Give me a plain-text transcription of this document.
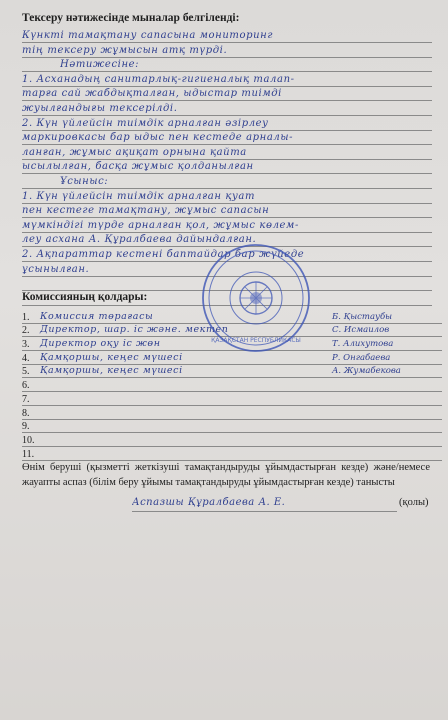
Тексеру нәтижесінде мыналар белгіленді:
Күнкті тамақтану сапасына мониторинг
тің тексеру жұмысын атқ түрді.
Нәтижесіне:
1. Асханадың санитарлық-гигиеналық талап-
тарға сай жабдықталған, ыдыстар тиімді
жуылғандығы тексерілді.
2. Күн үйлейсін тиімдік арналған әзірлеу
маркировкасы бар ыдыс пен кестеде арналы-
ланған, жұмыс ақиқат орнына қайта
ысылылған, басқа жұмыс қолданылған
Ұсыныс:
1. Күн үйлейсін тиімдік арналған қуат
пен кестеге тамақтану, жұмыс сапасын
мүмкіндігі түрде арналған қол, жұмыс көлем-
леу асхана А. Құралбаева дайындалған.
2. Ақпараттар кестені баптайдар бар жүйеде
ұсынылған.
Комиссияның қолдары:
1. Комиссия төрағасы	Б. Қыстаубы
2. Директор, шар. іс және. мектеп	С. Исмаилов
3. Директор оқу іс жөн	Т. Алихутова
4. Қамқоршы, кеңес мүшесі	Р. Онгабаева
5. Қамқоршы, кеңес мүшесі	А. Жумабекова
6.
7.
8.
9.
10.
11.
ҚАЗАҚСТАН РЕСПУБЛИКАСЫ
Өнім беруші (қызметті жеткізуші тамақтандыруды ұйымдастырған кезде) және/немесе жауапты аспаз (білім беру ұйымы тамақтандыруды ұйымдастырған кезде) танысты
Аспазшы Құралбаева А. Е.	(қолы)
